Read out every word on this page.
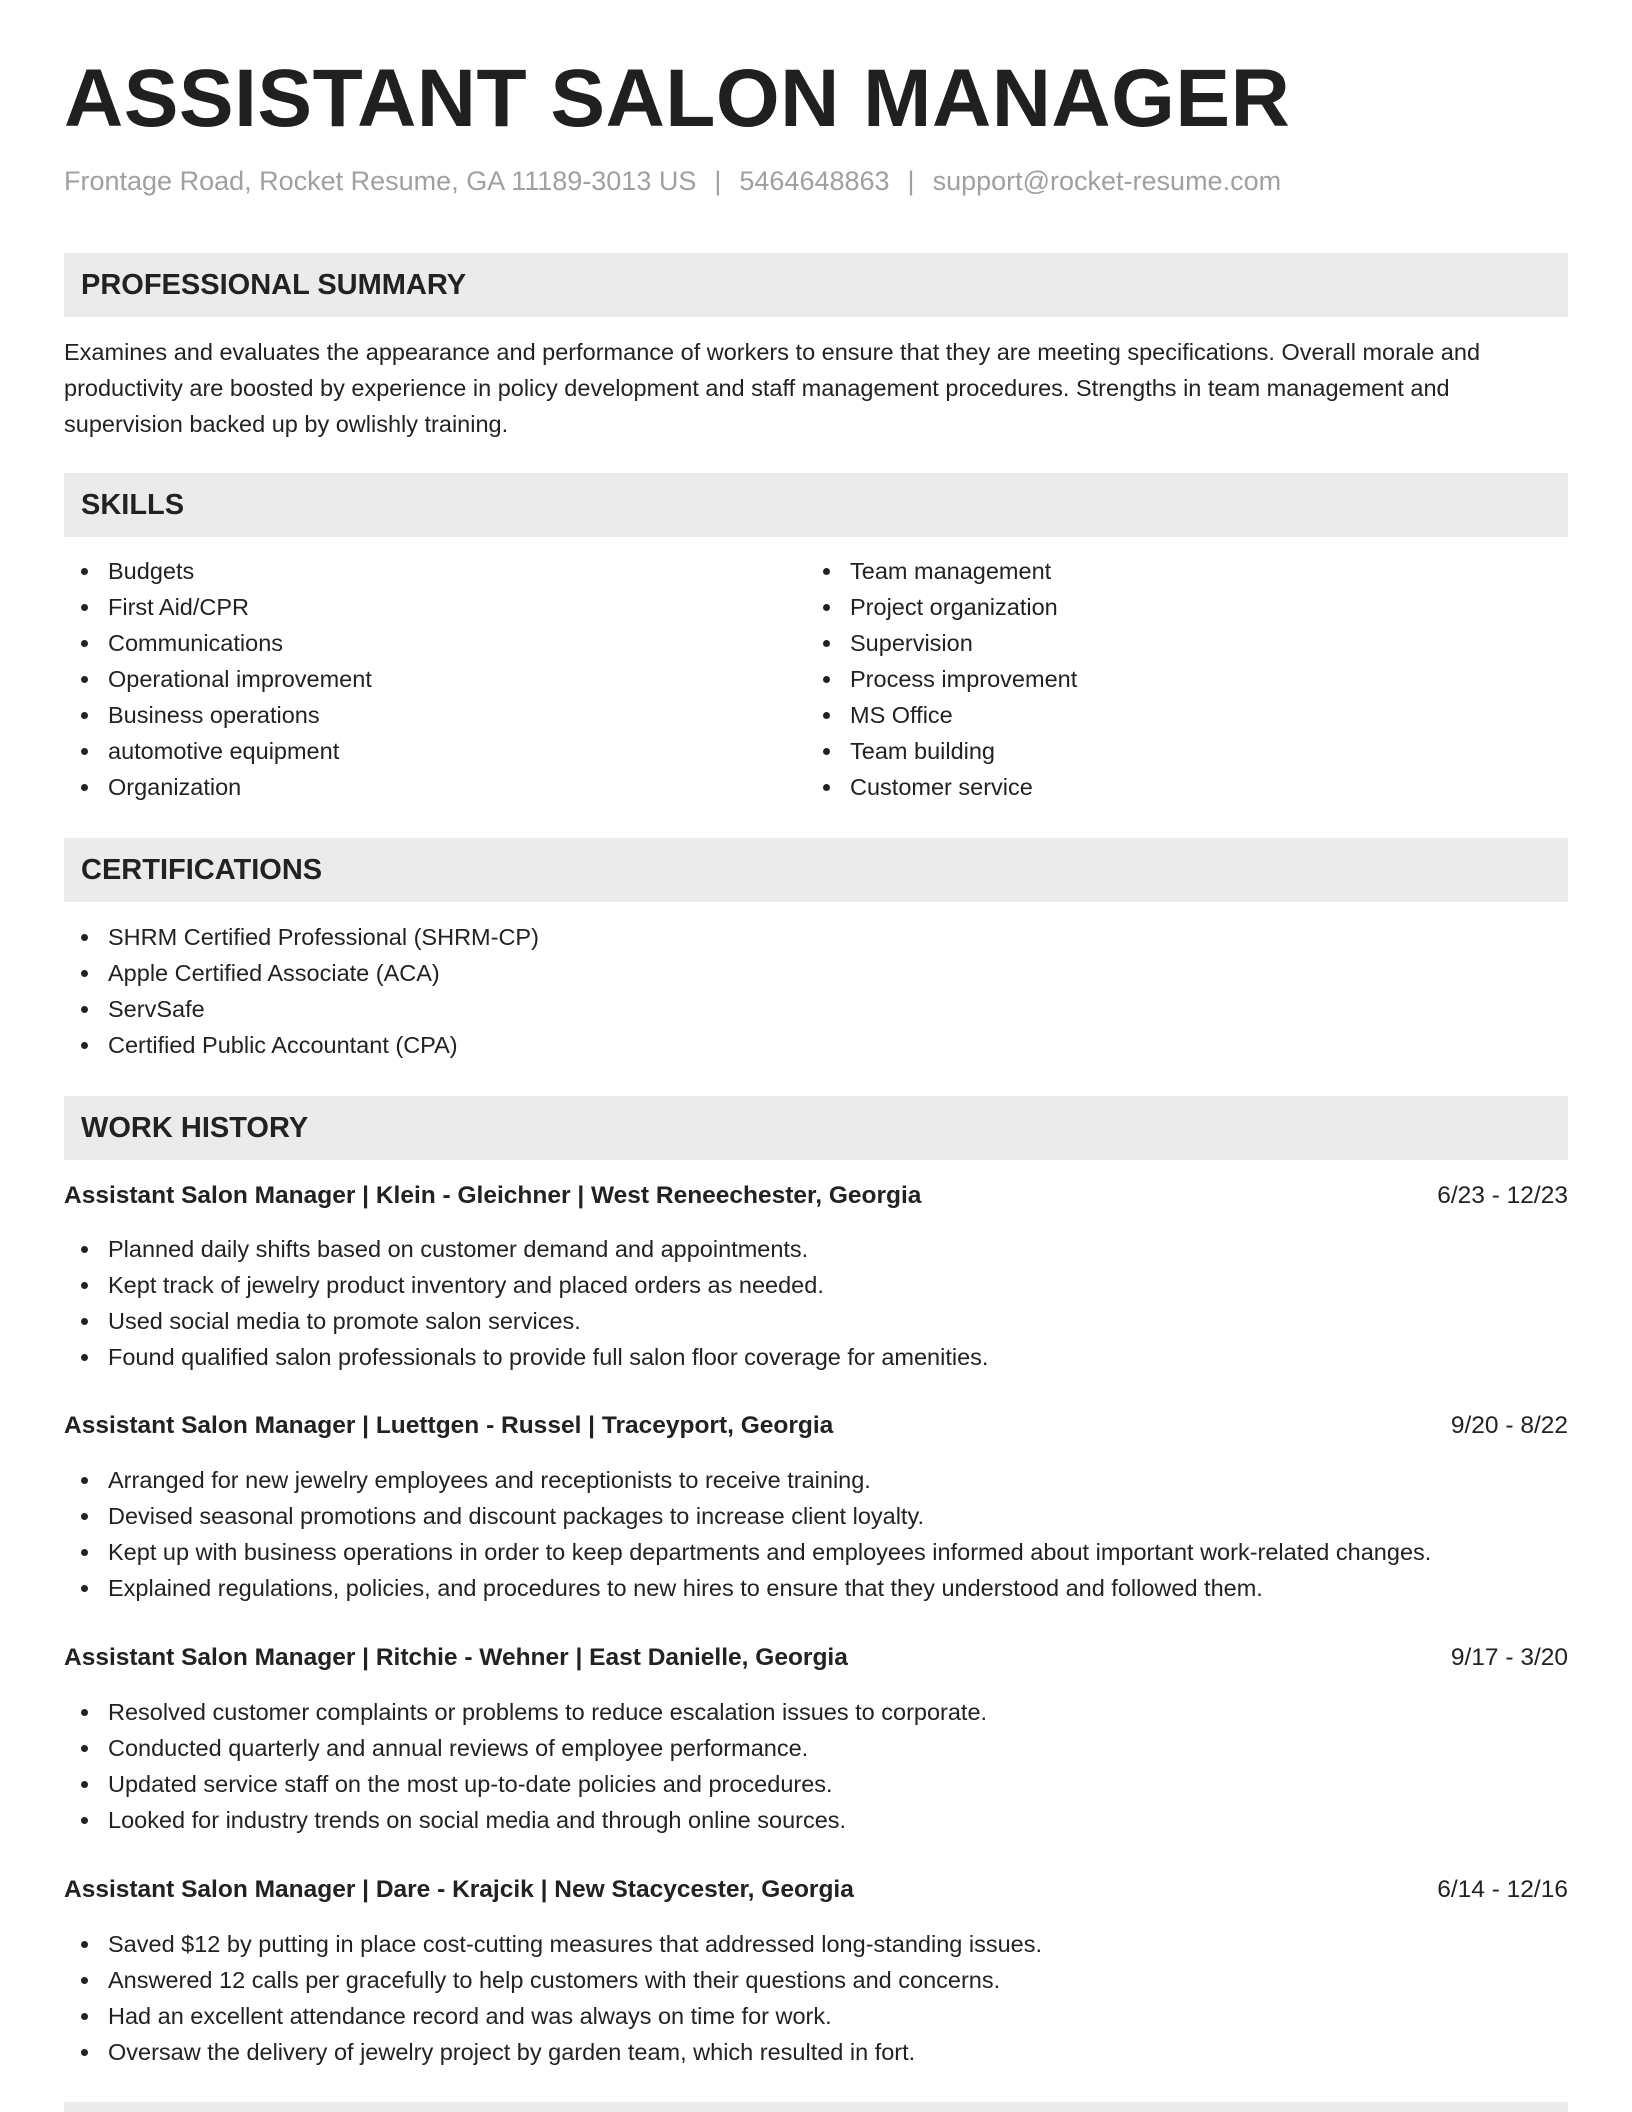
ASSISTANT SALON MANAGER
Frontage Road, Rocket Resume, GA 11189-3013 US | 5464648863 | support@rocket-resume.com
PROFESSIONAL SUMMARY

Examines and evaluates the appearance and performance of workers to ensure that they are meeting specifications. Overall morale and productivity are boosted by experience in policy development and staff management procedures. Strengths in team management and supervision backed up by owlishly training.

SKILLS
Budgets
First Aid/CPR
Communications
Operational improvement
Business operations
automotive equipment
Organization
Team management
Project organization
Supervision
Process improvement
MS Office
Team building
Customer service
CERTIFICATIONS
SHRM Certified Professional (SHRM-CP)
Apple Certified Associate (ACA)
ServSafe
Certified Public Accountant (CPA)
WORK HISTORY
Assistant Salon Manager | Klein - Gleichner | West Reneechester, Georgia	6/23 - 12/23
Planned daily shifts based on customer demand and appointments.
Kept track of jewelry product inventory and placed orders as needed.
Used social media to promote salon services.
Found qualified salon professionals to provide full salon floor coverage for amenities.
Assistant Salon Manager | Luettgen - Russel | Traceyport, Georgia	9/20 - 8/22
Arranged for new jewelry employees and receptionists to receive training.
Devised seasonal promotions and discount packages to increase client loyalty.
Kept up with business operations in order to keep departments and employees informed about important work-related changes.
Explained regulations, policies, and procedures to new hires to ensure that they understood and followed them.
Assistant Salon Manager | Ritchie - Wehner | East Danielle, Georgia	9/17 - 3/20
Resolved customer complaints or problems to reduce escalation issues to corporate.
Conducted quarterly and annual reviews of employee performance.
Updated service staff on the most up-to-date policies and procedures.
Looked for industry trends on social media and through online sources.
Assistant Salon Manager | Dare - Krajcik | New Stacycester, Georgia	6/14 - 12/16
Saved $12 by putting in place cost-cutting measures that addressed long-standing issues.
Answered 12 calls per gracefully to help customers with their questions and concerns.
Had an excellent attendance record and was always on time for work.
Oversaw the delivery of jewelry project by garden team, which resulted in fort.
